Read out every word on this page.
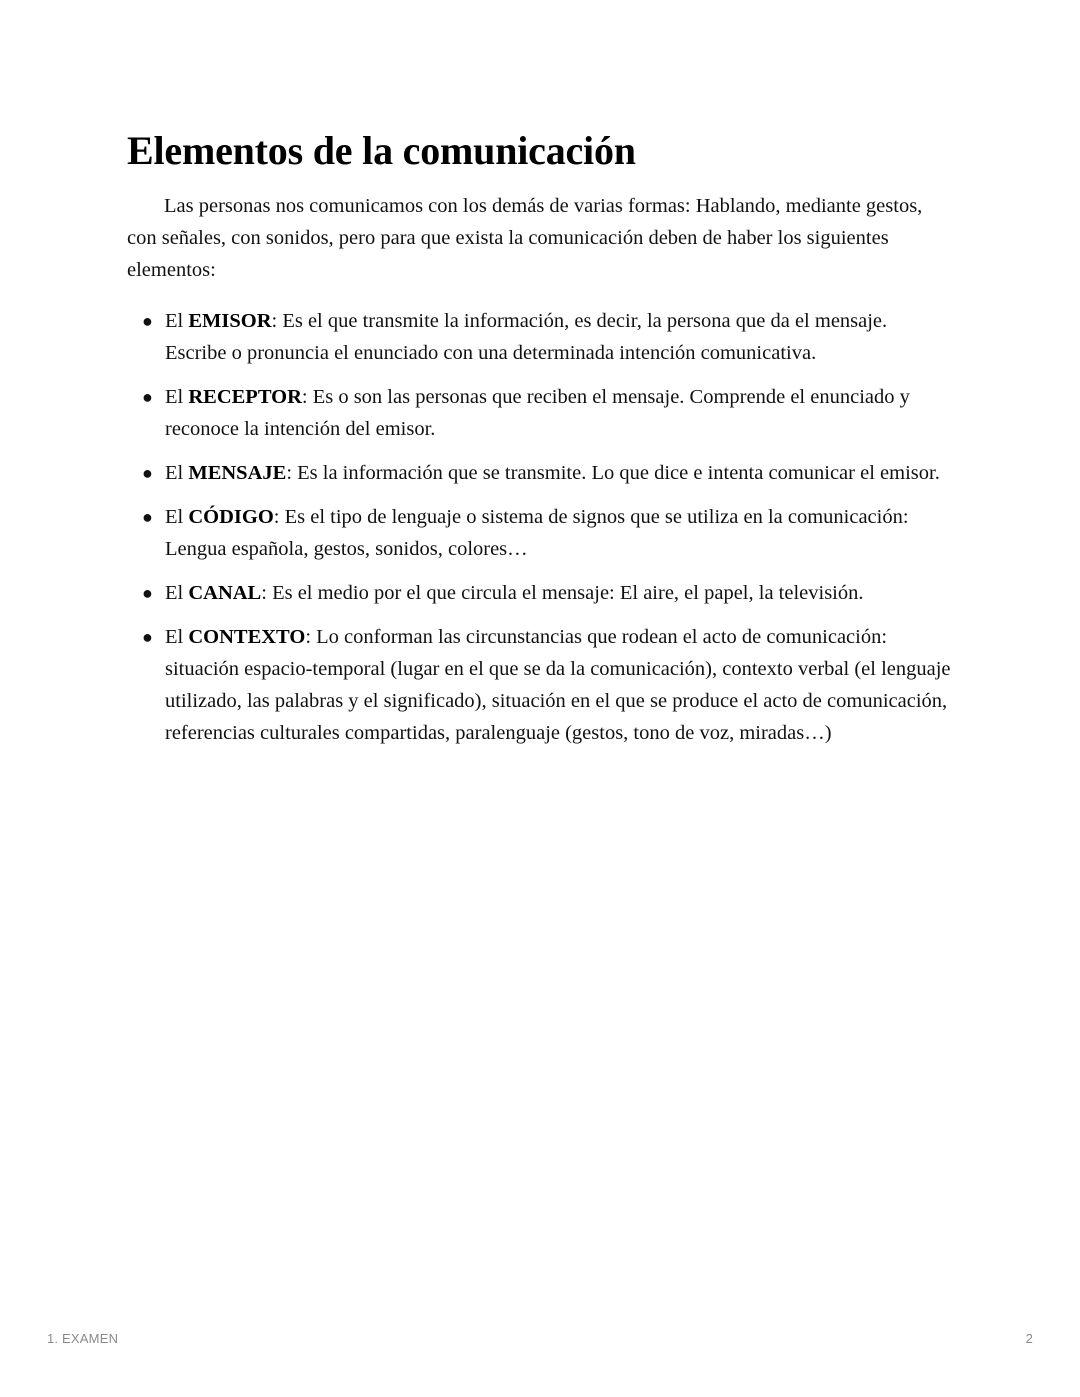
Elementos de la comunicación

Las personas nos comunicamos con los demás de varias formas: Hablando, mediante gestos, con señales, con sonidos, pero para que exista la comunicación deben de haber los siguientes elementos:

● El EMISOR: Es el que transmite la información, es decir, la persona que da el mensaje. Escribe o pronuncia el enunciado con una determinada intención comunicativa.
● El RECEPTOR: Es o son las personas que reciben el mensaje. Comprende el enunciado y reconoce la intención del emisor.
● El MENSAJE: Es la información que se transmite. Lo que dice e intenta comunicar el emisor.
● El CÓDIGO: Es el tipo de lenguaje o sistema de signos que se utiliza en la comunicación: Lengua española, gestos, sonidos, colores…
● El CANAL: Es el medio por el que circula el mensaje: El aire, el papel, la televisión.
● El CONTEXTO: Lo conforman las circunstancias que rodean el acto de comunicación: situación espacio-temporal (lugar en el que se da la comunicación), contexto verbal (el lenguaje utilizado, las palabras y el significado), situación en el que se produce el acto de comunicación, referencias culturales compartidas, paralenguaje (gestos, tono de voz, miradas…)
1. EXAMEN	2
